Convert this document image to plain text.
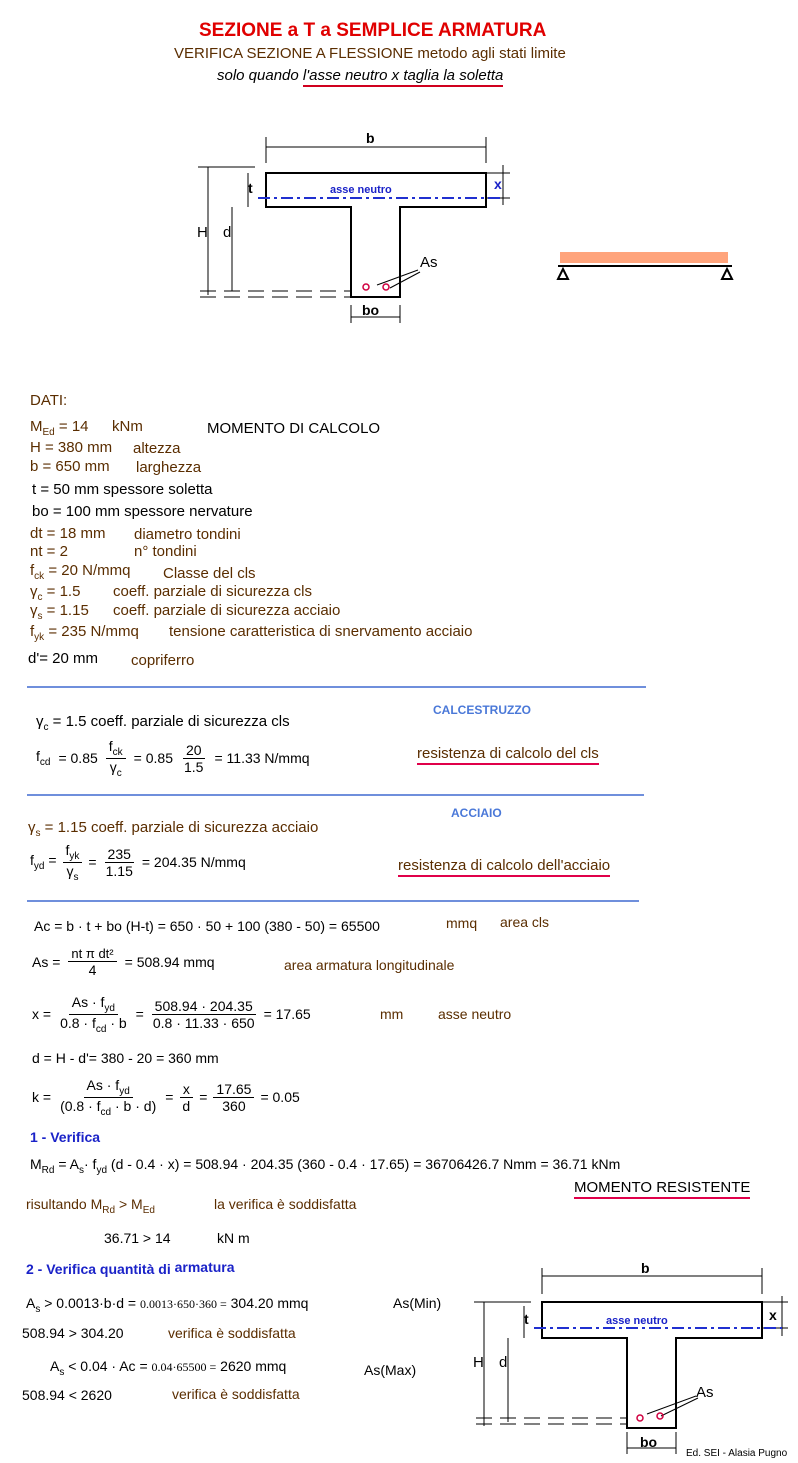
SEZIONE a T a SEMPLICE ARMATURA
VERIFICA SEZIONE A FLESSIONE metodo agli stati limite
solo quando l'asse neutro x taglia la soletta
b
t	x
H d
As
bo
asse neutro
DATI:
$M_{Ed} = 14$ kNm	MOMENTO DI CALCOLO
H = 380 mm altezza
b = 650 mm larghezza
t = 50 mm spessore soletta
bo = 100 mm spessore nervature
dt = 18 mm diametro tondini
nt = 2	n° tondini
$f_{ck} = 20$ N/mmq Classe del cls
$\gamma_c = 1.5$ coeff. parziale di sicurezza cls
$\gamma_s = 1.15$ coeff. parziale di sicurezza acciaio
$f_{yk} = 235$ N/mmq tensione caratteristica di snervamento acciaio
d'= 20 mm copriferro
CALCESTRUZZO
$\gamma_c = 1.5$ coeff. parziale di sicurezza cls
$f_{cd} = 0.85 \frac{f_{ck}}{\gamma_c} = 0.85 \frac{20}{1.5} = 11.33$ N/mmq	resistenza di calcolo del cls
ACCIAIO
$\gamma_s = 1.15$ coeff. parziale di sicurezza acciaio
$f_{yd} = \frac{f_{yk}}{\gamma_s} = \frac{235}{1.15} = 204.35$ N/mmq	resistenza di calcolo dell'acciaio
Ac = b · t + bo (H-t) = 650 · 50 + 100 (380 - 50) = 65500	mmq area cls
$As = \frac{\text{nt π dt²}}{4} = 508.94$ mmq	area armatura longitudinale
$x = \frac{As \cdot f_{yd}}{0.8 \cdot f_{cd} \cdot b} = \frac{508.94 \cdot 204.35}{0.8 \cdot 11.33 \cdot 650} = 17.65$	mm asse neutro
d = H - d'= 380 - 20 = 360 mm
$k = \frac{As \cdot f_{yd}}{(0.8 \cdot f_{cd} \cdot b \cdot d)} = \frac{x}{d} = \frac{17.65}{360} = 0.05$
1 - Verifica
$M_{Rd} = A_s\cdot f_{yd}$ (d - 0.4 · x) = 508.94 · 204.35 (360 - 0.4 · 17.65) = 36706426.7 Nmm = 36.71 kNm
MOMENTO RESISTENTE
risultando $M_{Rd} > M_{Ed}$	la verifica è soddisfatta
36.71 > 14	kN m
2 - Verifica quantità di armatura
$A_s > 0.0013\cdot b\cdot d = 0.0013\cdot 650\cdot 360 = 304.20$ mmq	As(Min)
508.94 > 304.20	verifica è soddisfatta
$A_s < 0.04 \cdot Ac = 0.04\cdot 65500 = 2620$ mmq	As(Max)
508.94 < 2620	verifica è soddisfatta
b
t	x
H d
As
bo
asse neutro
Ed. SEI - Alasia Pugno
